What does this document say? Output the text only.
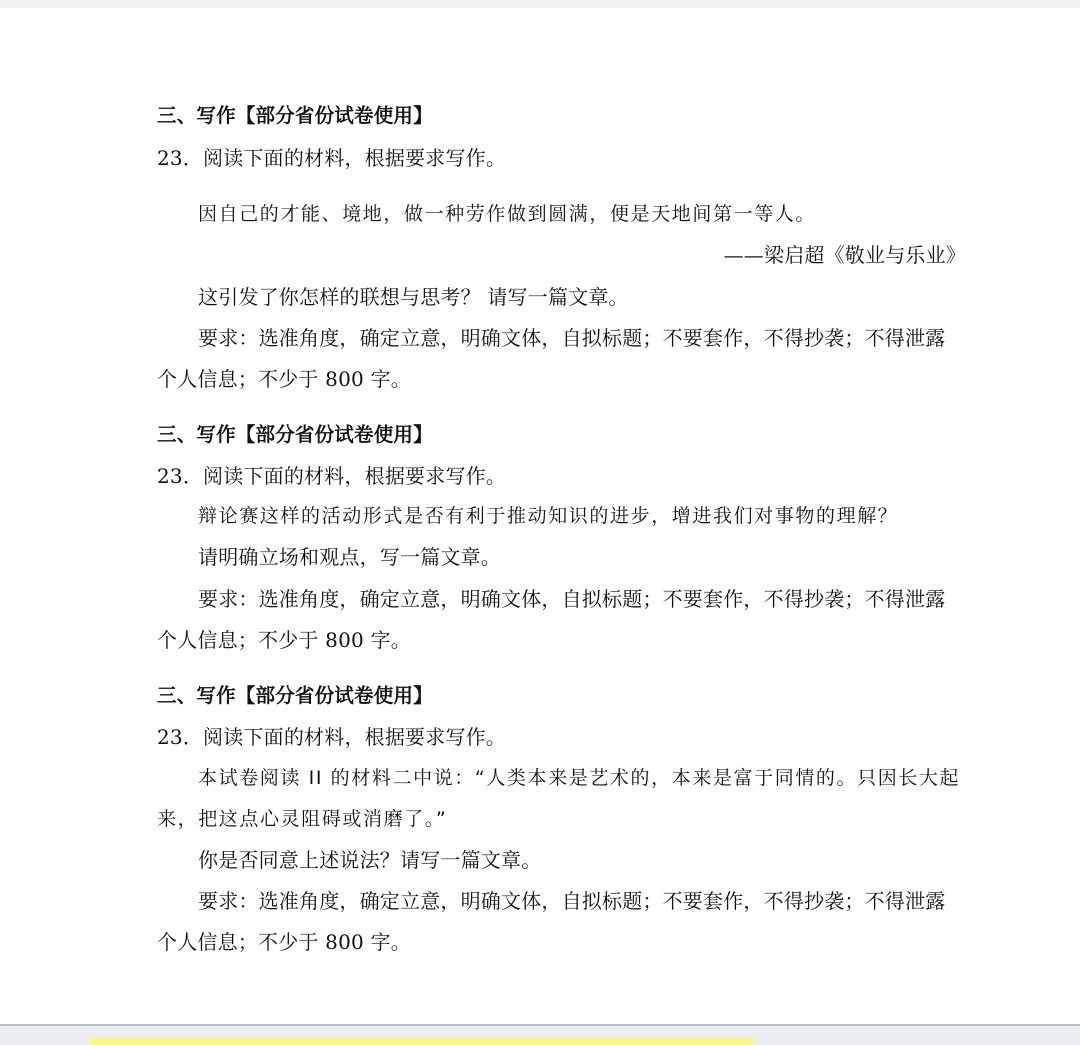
三、写作【部分省份试卷使用】
23．阅读下面的材料，根据要求写作。
因自己的才能、境地，做一种劳作做到圆满，便是天地间第一等人。
——梁启超《敬业与乐业》
这引发了你怎样的联想与思考？ 请写一篇文章。
要求：选准角度，确定立意，明确文体，自拟标题；不要套作，不得抄袭；不得泄露
个人信息；不少于 800 字。
三、写作【部分省份试卷使用】
23．阅读下面的材料，根据要求写作。
辩论赛这样的活动形式是否有利于推动知识的进步，增进我们对事物的理解？
请明确立场和观点，写一篇文章。
要求：选准角度，确定立意，明确文体，自拟标题；不要套作，不得抄袭；不得泄露
个人信息；不少于 800 字。
三、写作【部分省份试卷使用】
23．阅读下面的材料，根据要求写作。
本试卷阅读 II 的材料二中说：“人类本来是艺术的，本来是富于同情的。只因长大起
来，把这点心灵阻碍或消磨了。”
你是否同意上述说法？请写一篇文章。
要求：选准角度，确定立意，明确文体，自拟标题；不要套作，不得抄袭；不得泄露
个人信息；不少于 800 字。
